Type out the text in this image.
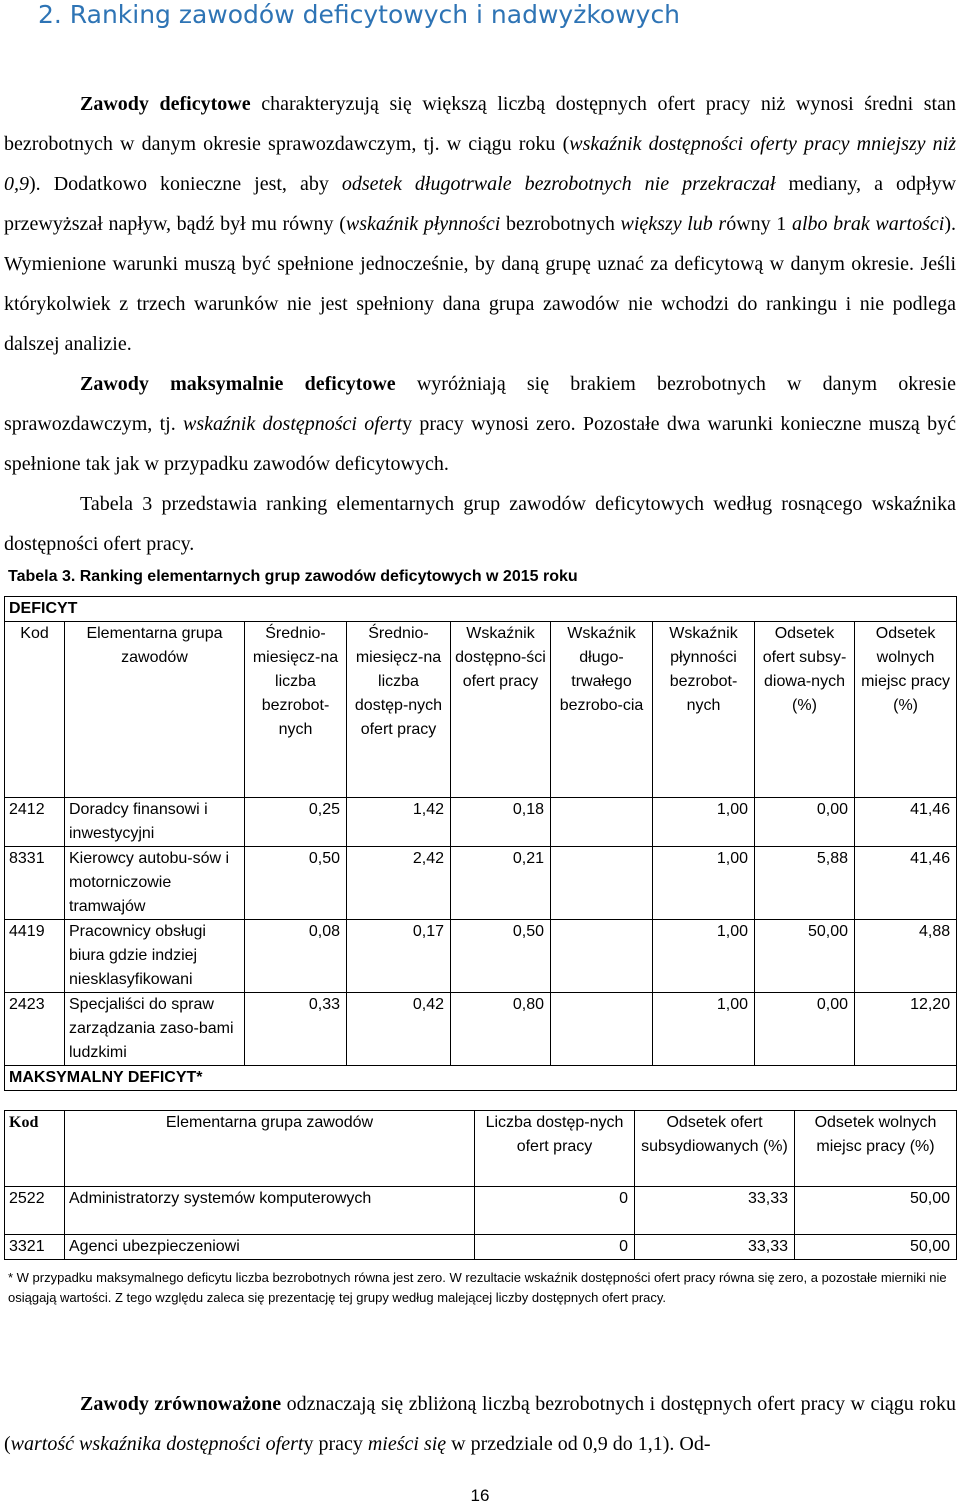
2. Ranking zawodów deficytowych i nadwyżkowych

Zawody deficytowe charakteryzują się większą liczbą dostępnych ofert pracy niż wynosi średni stan bezrobotnych w danym okresie sprawozdawczym, tj. w ciągu roku (wskaźnik dostępności oferty pracy mniejszy niż 0,9). Dodatkowo konieczne jest, aby odsetek długotrwale bezrobotnych nie przekraczał mediany, a odpływ przewyższał napływ, bądź był mu równy (wskaźnik płynności bezrobotnych większy lub równy 1 albo brak wartości). Wymienione warunki muszą być spełnione jednocześnie, by daną grupę uznać za deficytową w danym okresie. Jeśli którykolwiek z trzech warunków nie jest spełniony dana grupa zawodów nie wchodzi do rankingu i nie podlega dalszej analizie.

Zawody maksymalnie deficytowe wyróżniają się brakiem bezrobotnych w danym okresie sprawozdawczym, tj. wskaźnik dostępności oferty pracy wynosi zero. Pozostałe dwa warunki konieczne muszą być spełnione tak jak w przypadku zawodów deficytowych.

Tabela 3 przedstawia ranking elementarnych grup zawodów deficytowych według rosnącego wskaźnika dostępności ofert pracy.

Tabela 3. Ranking elementarnych grup zawodów deficytowych w 2015 roku
DEFICYT								
Kod	Elementarna grupa zawodów	Średnio-miesięcz-na liczba bezrobot-nych	Średnio-miesięcz-na liczba dostęp-nych ofert pracy	Wskaźnik dostępno-ści ofert pracy	Wskaźnik długo-trwałego bezrobo-cia	Wskaźnik płynności bezrobot-nych	Odsetek ofert subsy-diowa-nych (%)	Odsetek wolnych miejsc pracy (%)
2412	Doradcy finansowi i inwestycyjni	0,25	1,42	0,18		1,00	0,00	41,46
8331	Kierowcy autobu-sów i motorniczowie tramwajów	0,50	2,42	0,21		1,00	5,88	41,46
4419	Pracownicy obsługi biura gdzie indziej niesklasyfikowani	0,08	0,17	0,50		1,00	50,00	4,88
2423	Specjaliści do spraw zarządzania zaso-bami ludzkimi	0,33	0,42	0,80		1,00	0,00	12,20
MAKSYMALNY DEFICYT*								
Kod	Elementarna grupa zawodów	Liczba dostęp-nych ofert pracy	Odsetek ofert subsydiowanych (%)	Odsetek wolnych miejsc pracy (%)
2522	Administratorzy systemów komputerowych	0	33,33	50,00
3321	Agenci ubezpieczeniowi	0	33,33	50,00
* W przypadku maksymalnego deficytu liczba bezrobotnych równa jest zero. W rezultacie wskaźnik dostępności ofert pracy równa się zero, a pozostałe mierniki nie osiągają wartości. Z tego względu zaleca się prezentację tej grupy według malejącej liczby dostępnych ofert pracy.

Zawody zrównoważone odznaczają się zbliżoną liczbą bezrobotnych i dostępnych ofert pracy w ciągu roku (wartość wskaźnika dostępności oferty pracy mieści się w przedziale od 0,9 do 1,1). Od-

16
